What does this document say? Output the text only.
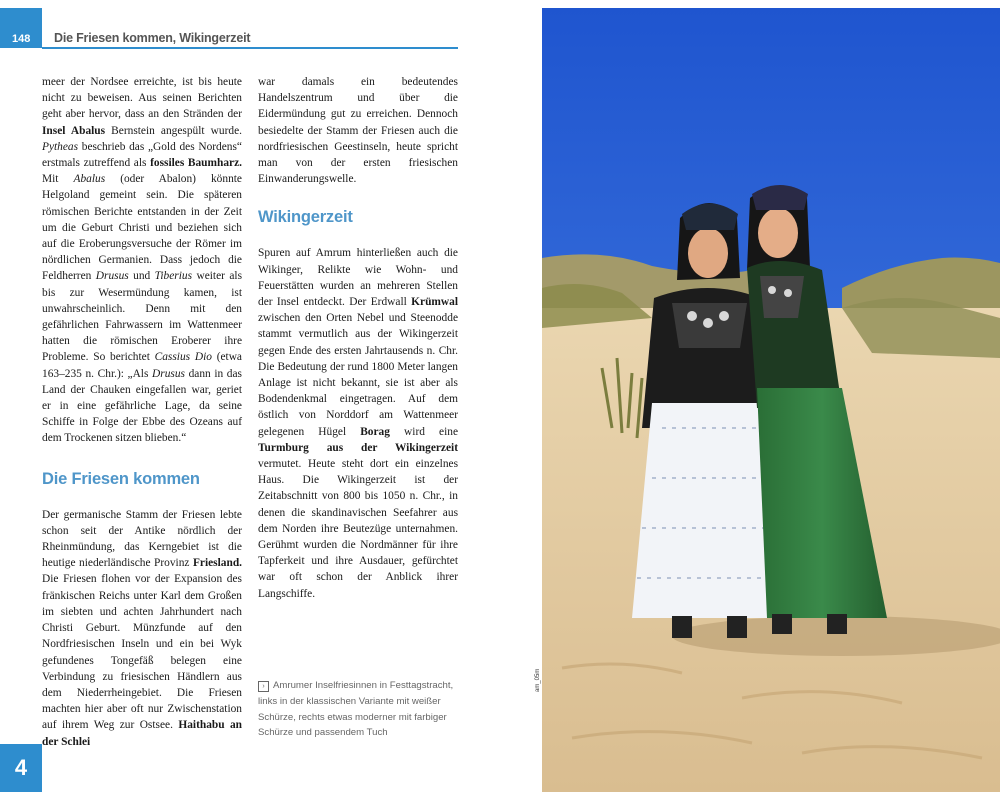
148 Die Friesen kommen, Wikingerzeit

meer der Nordsee erreichte, ist bis heute nicht zu beweisen. Aus seinen Berichten geht aber hervor, dass an den Stränden der Insel Abalus Bernstein angespült wurde. Pytheas beschrieb das „Gold des Nordens“ erstmals zutreffend als fossiles Baumharz. Mit Abalus (oder Abalon) könnte Helgoland gemeint sein. Die späteren römischen Berichte entstanden in der Zeit um die Geburt Christi und beziehen sich auf die Eroberungsversuche der Römer im nördlichen Germanien. Dass jedoch die Feldherren Drusus und Tiberius weiter als bis zur Wesermündung kamen, ist unwahrscheinlich. Denn mit den gefährlichen Fahrwassern im Wattenmeer hatten die römischen Eroberer ihre Probleme. So berichtet Cassius Dio (etwa 163–235 n. Chr.): „Als Drusus dann in das Land der Chauken eingefallen war, geriet er in eine gefährliche Lage, da seine Schiffe in Folge der Ebbe des Ozeans auf dem Trockenen sitzen blieben.“

Die Friesen kommen

Der germanische Stamm der Friesen lebte schon seit der Antike nördlich der Rheinmündung, das Kerngebiet ist die heutige niederländische Provinz Friesland. Die Friesen flohen vor der Expansion des fränkischen Reichs unter Karl dem Großen im siebten und achten Jahrhundert nach Christi Geburt. Münzfunde auf den Nordfriesischen Inseln und ein bei Wyk gefundenes Tongefäß belegen eine Verbindung zu friesischen Händlern aus dem Niederrheingebiet. Die Friesen machten hier aber oft nur Zwischenstation auf ihrem Weg zur Ostsee. Haithabu an der Schlei

war damals ein bedeutendes Handelszentrum und über die Eidermündung gut zu erreichen. Dennoch besiedelte der Stamm der Friesen auch die nordfriesischen Geestinseln, heute spricht man von der ersten friesischen Einwanderungswelle.

Wikingerzeit

Spuren auf Amrum hinterließen auch die Wikinger, Relikte wie Wohn- und Feuerstätten wurden an mehreren Stellen der Insel entdeckt. Der Erdwall Krümwal zwischen den Orten Nebel und Steenodde stammt vermutlich aus der Wikingerzeit gegen Ende des ersten Jahrtausends n. Chr. Die Bedeutung der rund 1800 Meter langen Anlage ist nicht bekannt, sie ist aber als Bodendenkmal eingetragen. Auf dem östlich von Norddorf am Wattenmeer gelegenen Hügel Borag wird eine Turmburg aus der Wikingerzeit vermutet. Heute steht dort ein einzelnes Haus. Die Wikingerzeit ist der Zeitabschnitt von 800 bis 1050 n. Chr., in denen die skandinavischen Seefahrer aus dem Norden ihre Beutezüge unternahmen. Gerühmt wurden die Nordmänner für ihre Tapferkeit und ihre Ausdauer, gefürchtet war oft schon der Anblick ihrer Langschiffe.

› Amrumer Inselfriesinnen in Festtagstracht, links in der klassischen Variante mit weißer Schürze, rechts etwas moderner mit farbiger Schürze und passendem Tuch
4
am_05m
